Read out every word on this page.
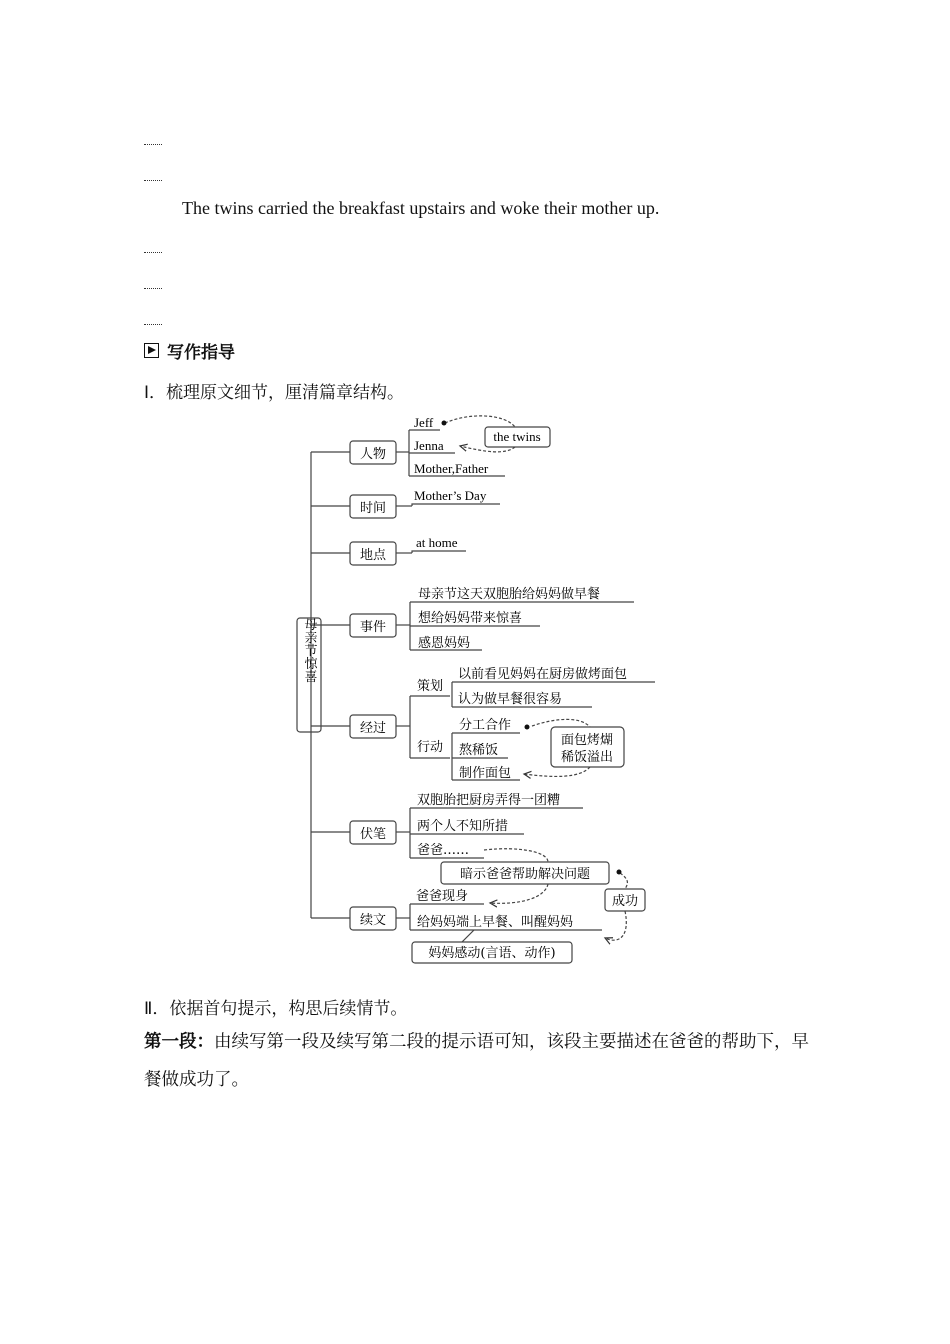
The twins carried the breakfast upstairs and woke their mother up.
写作指导
Ⅰ．梳理原文细节，厘清篇章结构。
母亲节惊喜
人物
时间
地点
事件
经过
伏笔
续文
Jeff
Jenna
Mother,Father
the twins
Mother’s Day
at home
母亲节这天双胞胎给妈妈做早餐
想给妈妈带来惊喜
感恩妈妈
策划
行动
以前看见妈妈在厨房做烤面包
认为做早餐很容易
分工合作
熬稀饭
制作面包
面包烤煳
稀饭溢出
双胞胎把厨房弄得一团糟
两个人不知所措
爸爸……
暗示爸爸帮助解决问题
爸爸现身
给妈妈端上早餐、叫醒妈妈
妈妈感动(言语、动作)
成功
Ⅱ．依据首句提示，构思后续情节。
第一段：由续写第一段及续写第二段的提示语可知，该段主要描述在爸爸的帮助下，早餐做成功了。
